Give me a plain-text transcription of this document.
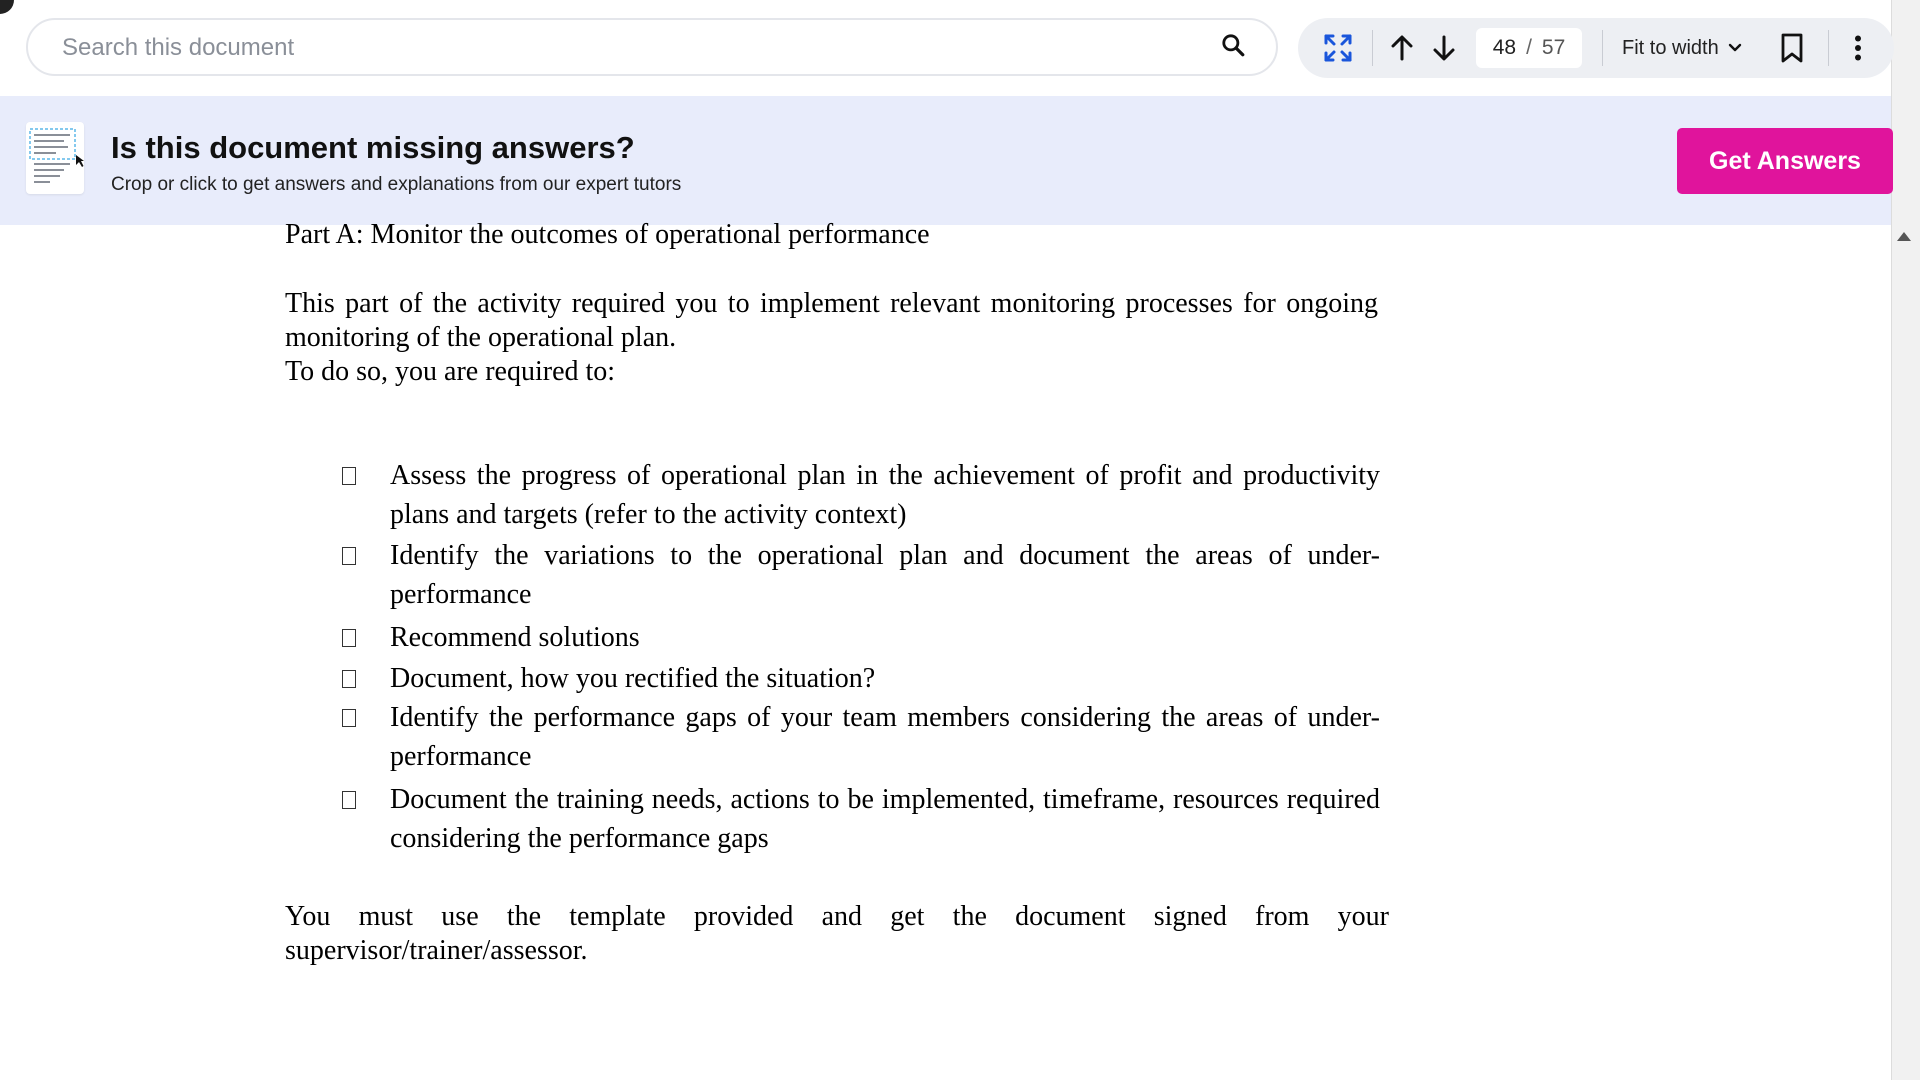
Search this document
48 / 57	Fit to width
Is this document missing answers?
Crop or click to get answers and explanations from our expert tutors
Get Answers
Part A: Monitor the outcomes of operational performance
This part of the activity required you to implement relevant monitoring processes for ongoing monitoring of the operational plan.
To do so, you are required to:
Assess the progress of operational plan in the achievement of profit and productivity plans and targets (refer to the activity context)
Identify the variations to the operational plan and document the areas of under-performance
Recommend solutions
Document, how you rectified the situation?
Identify the performance gaps of your team members considering the areas of under-performance
Document the training needs, actions to be implemented, timeframe, resources required considering the performance gaps
You must use the template provided and get the document signed from your supervisor/trainer/assessor.
